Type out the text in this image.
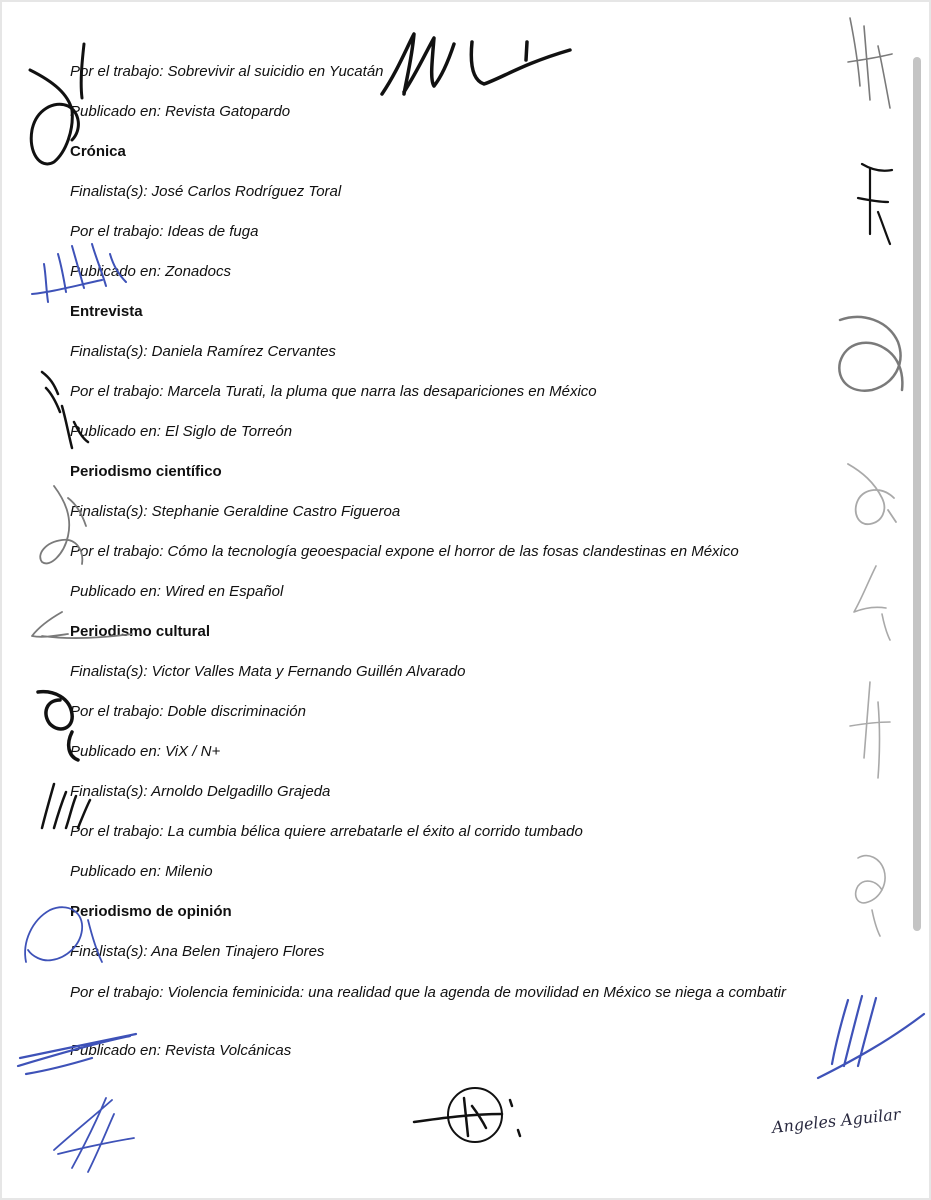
Por el trabajo: Sobrevivir al suicidio en Yucatán
Publicado en: Revista Gatopardo
Crónica
Finalista(s): José Carlos Rodríguez Toral
Por el trabajo: Ideas de fuga
Publicado en: Zonadocs
Entrevista
Finalista(s): Daniela Ramírez Cervantes
Por el trabajo: Marcela Turati, la pluma que narra las desapariciones en México
Publicado en: El Siglo de Torreón
Periodismo científico
Finalista(s): Stephanie Geraldine Castro Figueroa
Por el trabajo: Cómo la tecnología geoespacial expone el horror de las fosas clandestinas en México
Publicado en: Wired en Español
Periodismo cultural
Finalista(s): Victor Valles Mata y Fernando Guillén Alvarado
Por el trabajo: Doble discriminación
Publicado en: ViX / N+
Finalista(s): Arnoldo Delgadillo Grajeda
Por el trabajo: La cumbia bélica quiere arrebatarle el éxito al corrido tumbado
Publicado en: Milenio
Periodismo de opinión
Finalista(s): Ana Belen Tinajero Flores
Por el trabajo: Violencia feminicida: una realidad que la agenda de movilidad en México se niega a combatir
Publicado en: Revista Volcánicas
Angeles Aguilar
